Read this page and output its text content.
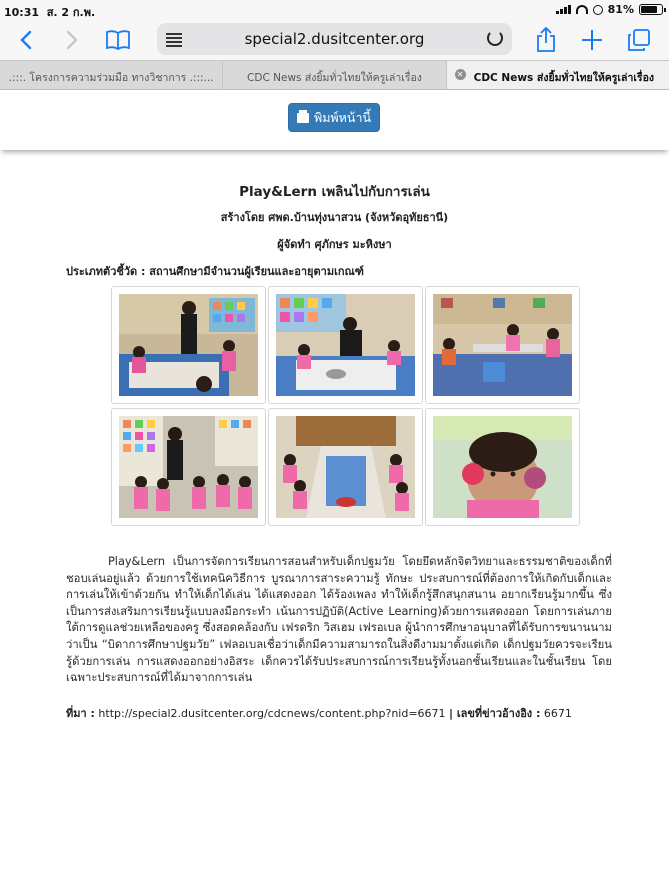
10:31 ส. 2 ก.พ.	81%
special2.dusitcenter.org
.:::. โครงการความร่วมมือ ทางวิชาการ .:::...	CDC News ส่งยิ้มทั่วไทยให้ครูเล่าเรื่อง	✕ CDC News ส่งยิ้มทั่วไทยให้ครูเล่าเรื่อง
พิมพ์หน้านี้
Play&Lern เพลินไปกับการเล่น
สร้างโดย ศพด.บ้านทุ่งนาสวน (จังหวัดอุทัยธานี)
ผู้จัดทำ ศุภักษร มะหิงษา
ประเภทตัวชี้วัด : สถานศึกษามีจำนวนผู้เรียนและอายุตามเกณฑ์
Play&Lern เป็นการจัดการเรียนการสอนสำหรับเด็กปฐมวัย โดยยึดหลักจิตวิทยาและธรรมชาติของเด็กที่ชอบเล่นอยู่แล้ว ด้วยการใช้เทคนิควิธีการ บูรณาการสาระความรู้ ทักษะ ประสบการณ์ที่ต้องการให้เกิดกับเด็กและการเล่นให้เข้าด้วยกัน ทำให้เด็กได้เล่น ได้แสดงออก ได้ร้องเพลง ทำให้เด็กรู้สึกสนุกสนาน อยากเรียนรู้มากขึ้น ซึ่งเป็นการส่งเสริมการเรียนรู้แบบลงมือกระทำ เน้นการปฏิบัติ(Active Learning)ด้วยการแสดงออก โดยการเล่นภายใต้การดูแลช่วยเหลือของครู ซึ่งสอดคล้องกับ เฟรดริก วิสเฮม เฟรอเบล ผู้นำการศึกษาอนุบาลที่ได้รับการขนานนามว่าเป็น “บิดาการศึกษาปฐมวัย” เฟลอเบลเชื่อว่าเด็กมีความสามารถในสิ่งดีงามมาตั้งแต่เกิด เด็กปฐมวัยควรจะเรียนรู้ด้วยการเล่น การแสดงออกอย่างอิสระ เด็กควรได้รับประสบการณ์การเรียนรู้ทั้งนอกชั้นเรียนและในชั้นเรียน โดยเฉพาะประสบการณ์ที่ได้มาจากการเล่น
ที่มา : http://special2.dusitcenter.org/cdcnews/content.php?nid=6671 | เลขที่ข่าวอ้างอิง : 6671
